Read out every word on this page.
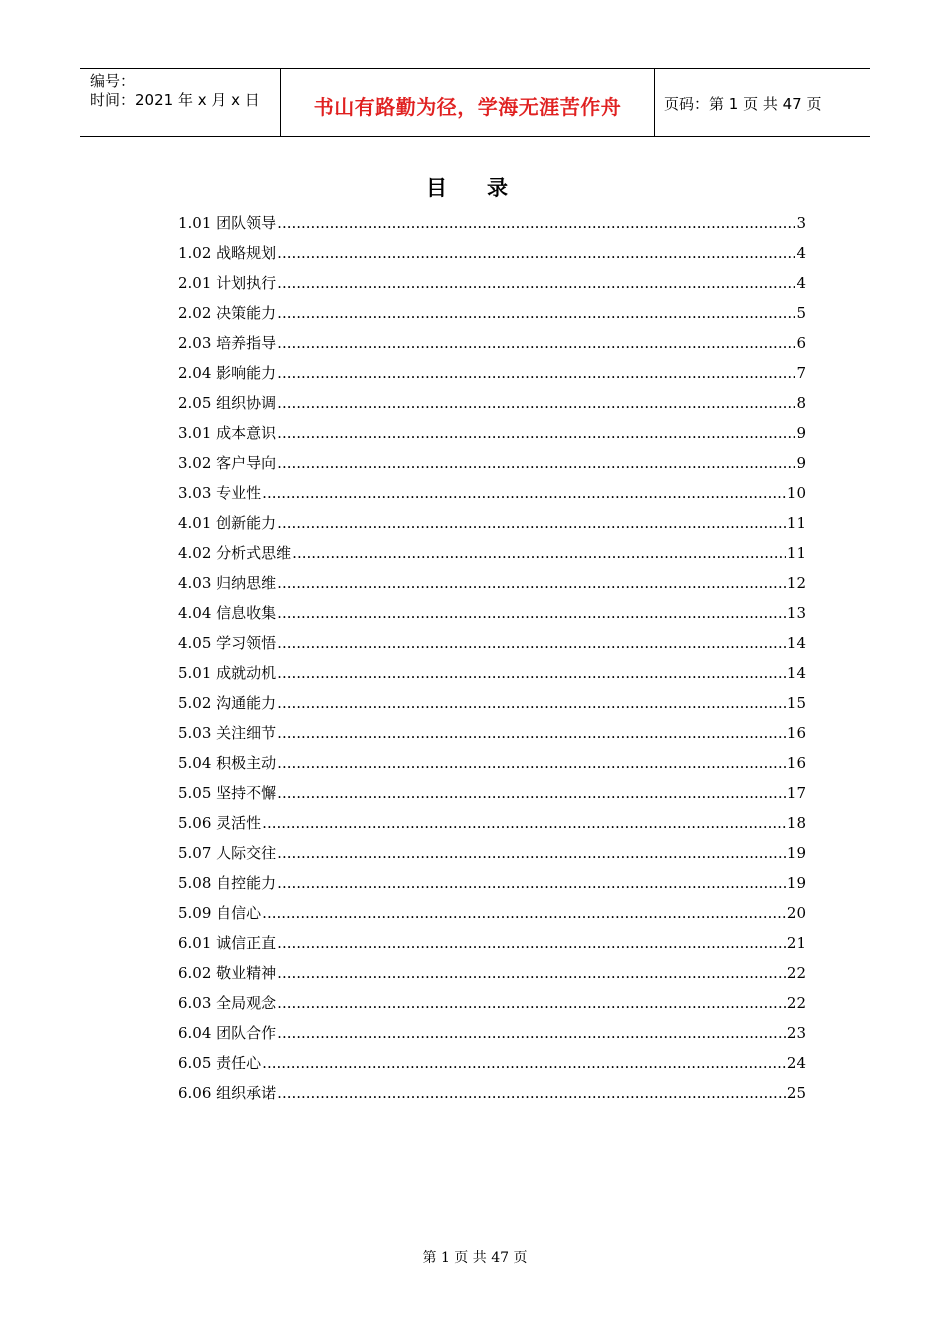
编号：
时间：2021 年 x 月 x 日	书山有路勤为径，学海无涯苦作舟	页码：第 1 页 共 47 页
目录
1.01 团队领导 .....	3
1.02 战略规划 .....	4
2.01 计划执行 .....	4
2.02 决策能力 .....	5
2.03 培养指导 .....	6
2.04 影响能力 .....	7
2.05 组织协调 .....	8
3.01 成本意识 .....	9
3.02 客户导向 .....	9
3.03 专业性 .....	10
4.01 创新能力 .....	11
4.02 分析式思维 .....	11
4.03 归纳思维 .....	12
4.04 信息收集 .....	13
4.05 学习领悟 .....	14
5.01 成就动机 .....	14
5.02 沟通能力 .....	15
5.03 关注细节 .....	16
5.04 积极主动 .....	16
5.05 坚持不懈 .....	17
5.06 灵活性 .....	18
5.07 人际交往 .....	19
5.08 自控能力 .....	19
5.09 自信心 .....	20
6.01 诚信正直 .....	21
6.02 敬业精神 .....	22
6.03 全局观念 .....	22
6.04 团队合作 .....	23
6.05 责任心 .....	24
6.06 组织承诺 .....	25
第 1 页 共 47 页
